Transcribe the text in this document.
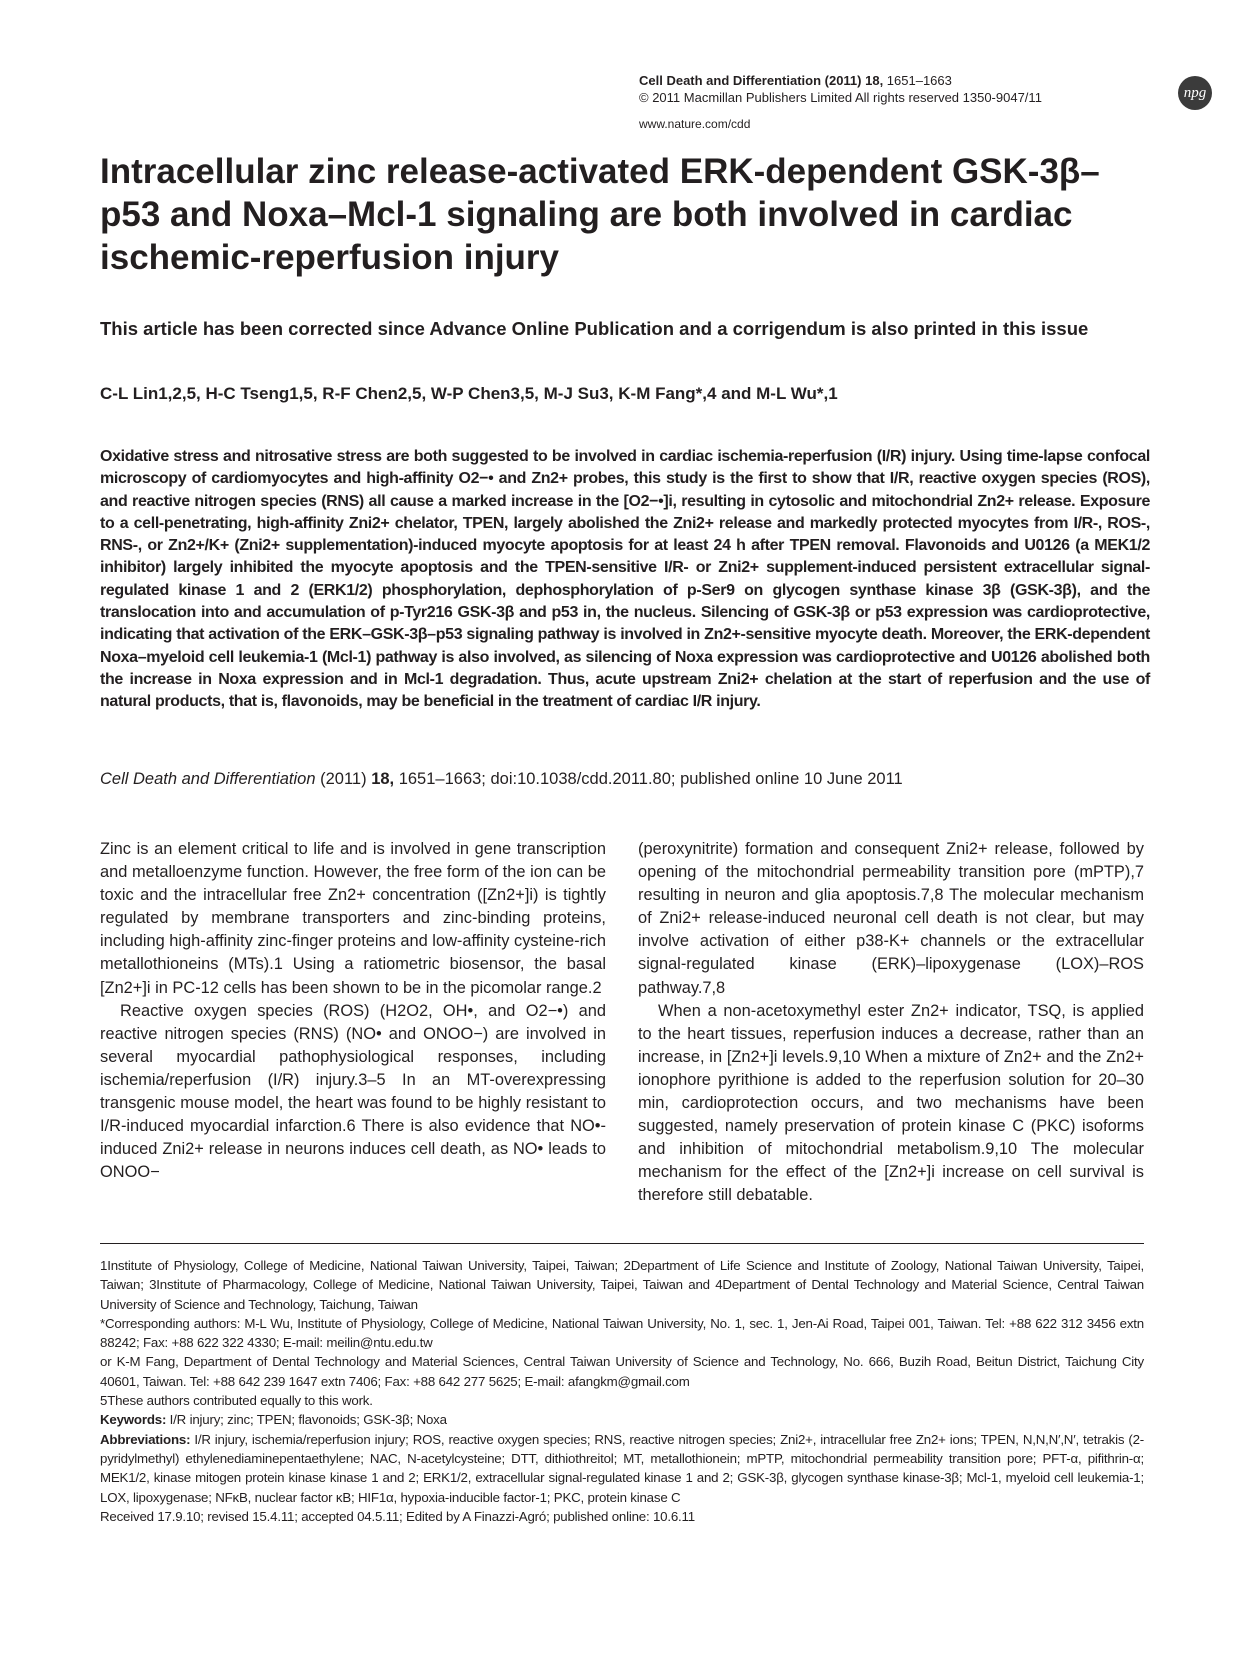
Cell Death and Differentiation (2011) 18, 1651–1663
© 2011 Macmillan Publishers Limited All rights reserved 1350-9047/11
www.nature.com/cdd
npg
Intracellular zinc release-activated ERK-dependent GSK-3β–p53 and Noxa–Mcl-1 signaling are both involved in cardiac ischemic-reperfusion injury
This article has been corrected since Advance Online Publication and a corrigendum is also printed in this issue
C-L Lin1,2,5, H-C Tseng1,5, R-F Chen2,5, W-P Chen3,5, M-J Su3, K-M Fang*,4 and M-L Wu*,1
Oxidative stress and nitrosative stress are both suggested to be involved in cardiac ischemia-reperfusion (I/R) injury. Using time-lapse confocal microscopy of cardiomyocytes and high-affinity O2−• and Zn2+ probes, this study is the first to show that I/R, reactive oxygen species (ROS), and reactive nitrogen species (RNS) all cause a marked increase in the [O2−•]i, resulting in cytosolic and mitochondrial Zn2+ release. Exposure to a cell-penetrating, high-affinity Zni2+ chelator, TPEN, largely abolished the Zni2+ release and markedly protected myocytes from I/R-, ROS-, RNS-, or Zn2+/K+ (Zni2+ supplementation)-induced myocyte apoptosis for at least 24 h after TPEN removal. Flavonoids and U0126 (a MEK1/2 inhibitor) largely inhibited the myocyte apoptosis and the TPEN-sensitive I/R- or Zni2+ supplement-induced persistent extracellular signal-regulated kinase 1 and 2 (ERK1/2) phosphorylation, dephosphorylation of p-Ser9 on glycogen synthase kinase 3β (GSK-3β), and the translocation into and accumulation of p-Tyr216 GSK-3β and p53 in, the nucleus. Silencing of GSK-3β or p53 expression was cardioprotective, indicating that activation of the ERK–GSK-3β–p53 signaling pathway is involved in Zn2+-sensitive myocyte death. Moreover, the ERK-dependent Noxa–myeloid cell leukemia-1 (Mcl-1) pathway is also involved, as silencing of Noxa expression was cardioprotective and U0126 abolished both the increase in Noxa expression and in Mcl-1 degradation. Thus, acute upstream Zni2+ chelation at the start of reperfusion and the use of natural products, that is, flavonoids, may be beneficial in the treatment of cardiac I/R injury.
Cell Death and Differentiation (2011) 18, 1651–1663; doi:10.1038/cdd.2011.80; published online 10 June 2011

Zinc is an element critical to life and is involved in gene transcription and metalloenzyme function. However, the free form of the ion can be toxic and the intracellular free Zn2+ concentration ([Zn2+]i) is tightly regulated by membrane transporters and zinc-binding proteins, including high-affinity zinc-finger proteins and low-affinity cysteine-rich metallothioneins (MTs).1 Using a ratiometric biosensor, the basal [Zn2+]i in PC-12 cells has been shown to be in the picomolar range.2

Reactive oxygen species (ROS) (H2O2, OH•, and O2−•) and reactive nitrogen species (RNS) (NO• and ONOO−) are involved in several myocardial pathophysiological responses, including ischemia/reperfusion (I/R) injury.3–5 In an MT-overexpressing transgenic mouse model, the heart was found to be highly resistant to I/R-induced myocardial infarction.6 There is also evidence that NO•-induced Zni2+ release in neurons induces cell death, as NO• leads to ONOO−

(peroxynitrite) formation and consequent Zni2+ release, followed by opening of the mitochondrial permeability transition pore (mPTP),7 resulting in neuron and glia apoptosis.7,8 The molecular mechanism of Zni2+ release-induced neuronal cell death is not clear, but may involve activation of either p38-K+ channels or the extracellular signal-regulated kinase (ERK)–lipoxygenase (LOX)–ROS pathway.7,8

When a non-acetoxymethyl ester Zn2+ indicator, TSQ, is applied to the heart tissues, reperfusion induces a decrease, rather than an increase, in [Zn2+]i levels.9,10 When a mixture of Zn2+ and the Zn2+ ionophore pyrithione is added to the reperfusion solution for 20–30 min, cardioprotection occurs, and two mechanisms have been suggested, namely preservation of protein kinase C (PKC) isoforms and inhibition of mitochondrial metabolism.9,10 The molecular mechanism for the effect of the [Zn2+]i increase on cell survival is therefore still debatable.

1Institute of Physiology, College of Medicine, National Taiwan University, Taipei, Taiwan; 2Department of Life Science and Institute of Zoology, National Taiwan University, Taipei, Taiwan; 3Institute of Pharmacology, College of Medicine, National Taiwan University, Taipei, Taiwan and 4Department of Dental Technology and Material Science, Central Taiwan University of Science and Technology, Taichung, Taiwan

*Corresponding authors: M-L Wu, Institute of Physiology, College of Medicine, National Taiwan University, No. 1, sec. 1, Jen-Ai Road, Taipei 001, Taiwan. Tel: +88 622 312 3456 extn 88242; Fax: +88 622 322 4330; E-mail: meilin@ntu.edu.tw

or K-M Fang, Department of Dental Technology and Material Sciences, Central Taiwan University of Science and Technology, No. 666, Buzih Road, Beitun District, Taichung City 40601, Taiwan. Tel: +88 642 239 1647 extn 7406; Fax: +88 642 277 5625; E-mail: afangkm@gmail.com

5These authors contributed equally to this work.

Keywords: I/R injury; zinc; TPEN; flavonoids; GSK-3β; Noxa

Abbreviations: I/R injury, ischemia/reperfusion injury; ROS, reactive oxygen species; RNS, reactive nitrogen species; Zni2+, intracellular free Zn2+ ions; TPEN, N,N,N′,N′, tetrakis (2-pyridylmethyl) ethylenediaminepentaethylene; NAC, N-acetylcysteine; DTT, dithiothreitol; MT, metallothionein; mPTP, mitochondrial permeability transition pore; PFT-α, pifithrin-α; MEK1/2, kinase mitogen protein kinase kinase 1 and 2; ERK1/2, extracellular signal-regulated kinase 1 and 2; GSK-3β, glycogen synthase kinase-3β; Mcl-1, myeloid cell leukemia-1; LOX, lipoxygenase; NFκB, nuclear factor κB; HIF1α, hypoxia-inducible factor-1; PKC, protein kinase C

Received 17.9.10; revised 15.4.11; accepted 04.5.11; Edited by A Finazzi-Agró; published online: 10.6.11
